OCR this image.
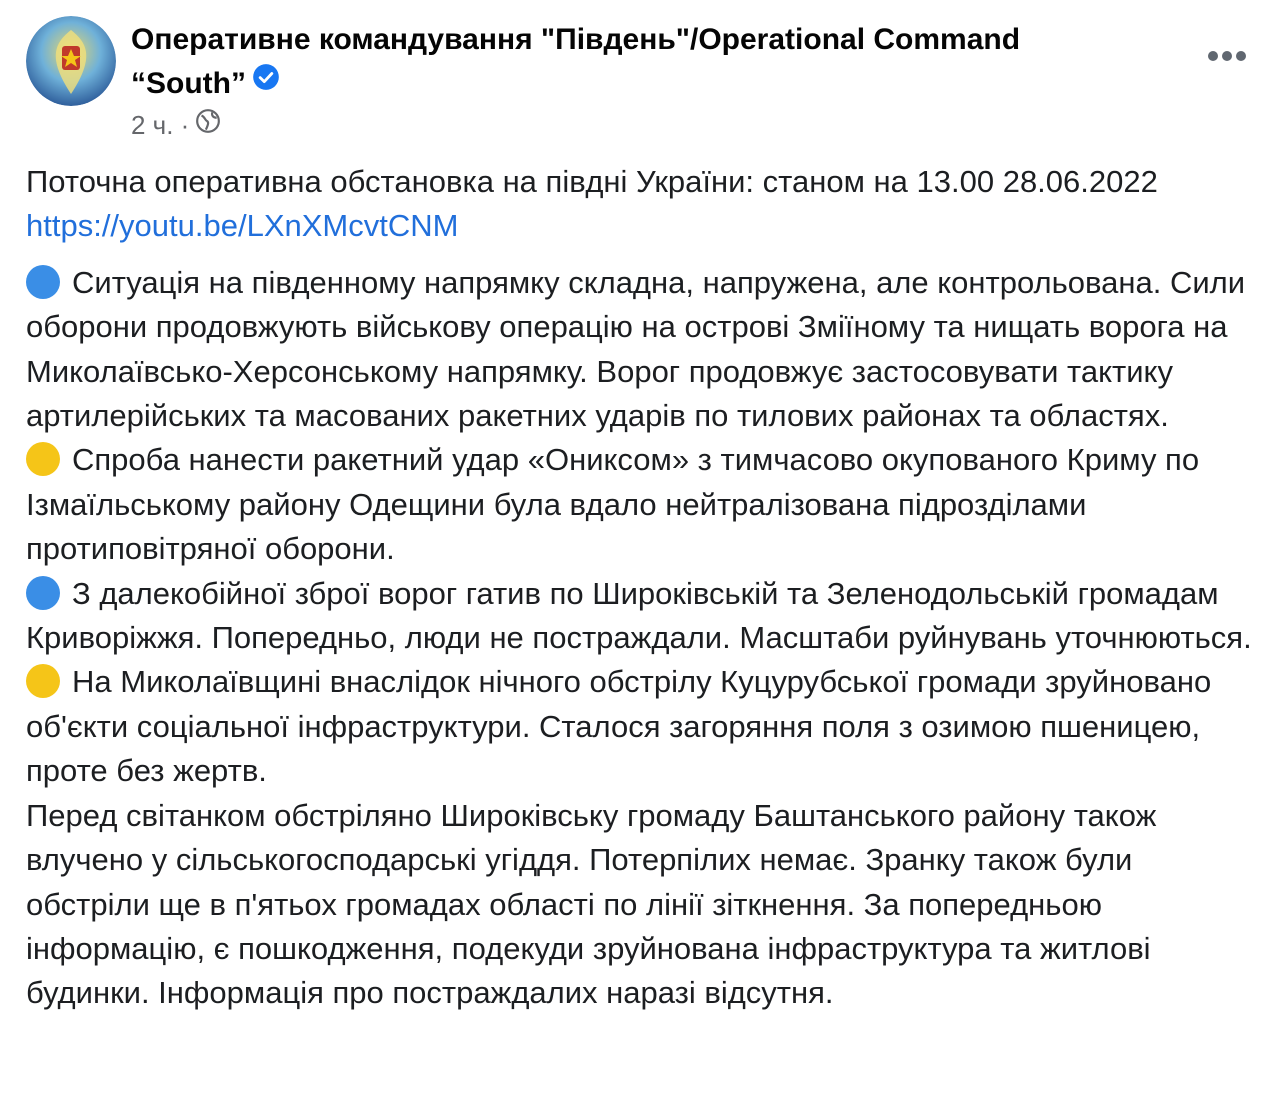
Оперативне командування "Південь"/Operational Command “South”
2 ч. ·

Поточна оперативна обстановка на півдні України: станом на 13.00 28.06.2022

https://youtu.be/LXnXMcvtCNM

Ситуація на південному напрямку складна, напружена, але контрольована. Сили оборони продовжують військову операцію на острові Зміїному та нищать ворога на Миколаївсько-Херсонському напрямку. Ворог продовжує застосовувати тактику артилерійських та масованих ракетних ударів по тилових районах та областях.

Спроба нанести ракетний удар «Ониксом» з тимчасово окупованого Криму по Ізмаїльському району Одещини була вдало нейтралізована підрозділами протиповітряної оборони.

З далекобійної зброї ворог гатив по Широківській та Зеленодольській громадам Криворіжжя. Попередньо, люди не постраждали. Масштаби руйнувань уточнюються.

На Миколаївщині внаслідок нічного обстрілу Куцурубської громади зруйновано об'єкти соціальної інфраструктури. Сталося загоряння поля з озимою пшеницею, проте без жертв.

Перед світанком обстріляно Широківську громаду Баштанського району також влучено у сільськогосподарські угіддя. Потерпілих немає. Зранку також були обстріли ще в п'ятьох громадах області по лінії зіткнення. За попередньою інформацію, є пошкодження, подекуди зруйнована інфраструктура та житлові будинки. Інформація про постраждалих наразі відсутня.
